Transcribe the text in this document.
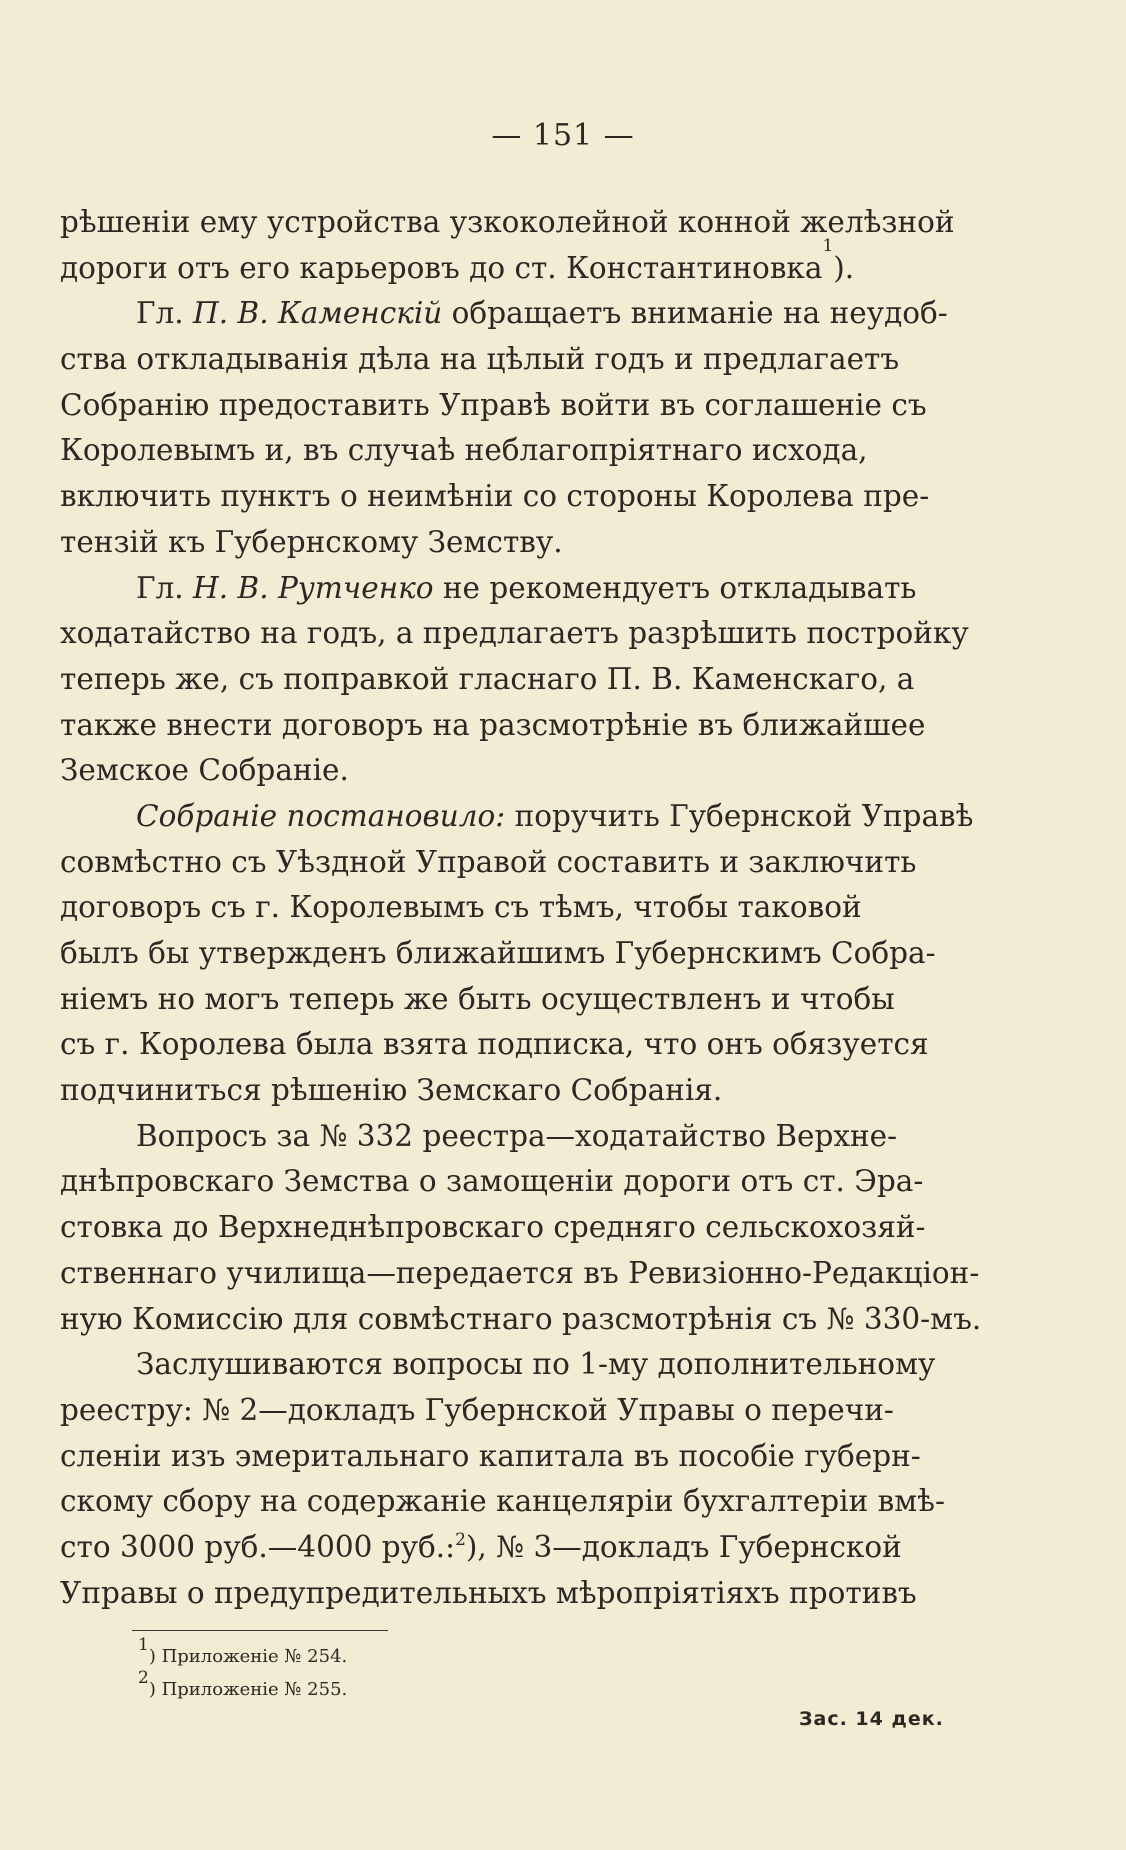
— 151 —
рѣшеніи ему устройства узкоколейной конной желѣзной
дороги отъ его карьеровъ до ст. Константиновка
1
).
Гл. П. В. Каменскій обращаетъ вниманіе на неудоб-
ства откладыванія дѣла на цѣлый годъ и предлагаетъ
Собранію предоставить Управѣ войти въ соглашеніе съ
Королевымъ и, въ случаѣ неблагопріятнаго исхода,
включить пунктъ о неимѣніи со стороны Королева пре-
тензій къ Губернскому Земству.
Гл. Н. В. Рутченко не рекомендуетъ откладывать
ходатайство на годъ, а предлагаетъ разрѣшить постройку
теперь же, съ поправкой гласнаго П. В. Каменскаго, а
также внести договоръ на разсмотрѣніе въ ближайшее
Земское Собраніе.
Собраніе постановило: поручить Губернской Управѣ
совмѣстно съ Уѣздной Управой составить и заключить
договоръ съ г. Королевымъ съ тѣмъ, чтобы таковой
былъ бы утвержденъ ближайшимъ Губернскимъ Собра-
ніемъ но могъ теперь же быть осуществленъ и чтобы
съ г. Королева была взята подписка, что онъ обязуется
подчиниться рѣшенію Земскаго Собранія.
Вопросъ за № 332 реестра—ходатайство Верхне-
днѣпровскаго Земства о замощеніи дороги отъ ст. Эра-
стовка до Верхнеднѣпровскаго средняго сельскохозяй-
ственнаго училища—передается въ Ревизіонно-Редакціон-
ную Комиссію для совмѣстнаго разсмотрѣнія съ № 330-мъ.
Заслушиваются вопросы по 1-му дополнительному
реестру: № 2—докладъ Губернской Управы о перечи-
сленіи изъ эмеритальнаго капитала въ пособіе губерн-
скому сбору на содержаніе канцеляріи бухгалтеріи вмѣ-
сто 3000 руб.—4000 руб.:$^2$), № 3—докладъ Губернской
Управы о предупредительныхъ мѣропріятіяхъ противъ
$^1$) Приложеніе № 254.
$^2$) Приложеніе № 255.
Зас. 14 дек.
